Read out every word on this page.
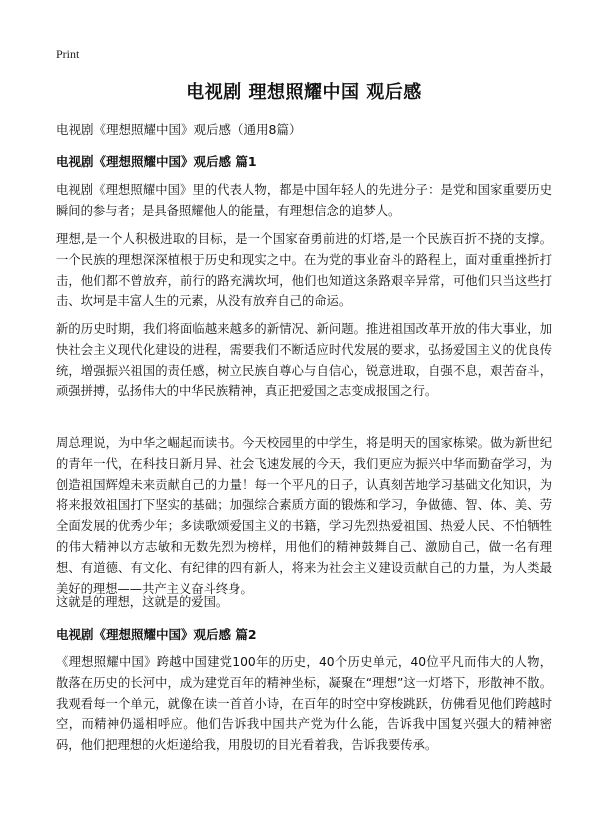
Print
电视剧 理想照耀中国 观后感
电视剧《理想照耀中国》观后感（通用8篇）
电视剧《理想照耀中国》观后感 篇1

电视剧《理想照耀中国》里的代表人物，都是中国年轻人的先进分子：是党和国家重要历史瞬间的参与者；是具备照耀他人的能量，有理想信念的追梦人。

理想,是一个人积极进取的目标，是一个国家奋勇前进的灯塔,是一个民族百折不挠的支撑。一个民族的理想深深植根于历史和现实之中。在为党的事业奋斗的路程上，面对重重挫折打击，他们都不曾放弃，前行的路充满坎坷，他们也知道这条路艰辛异常，可他们只当这些打击、坎坷是丰富人生的元素，从没有放弃自己的命运。

新的历史时期，我们将面临越来越多的新情况、新问题。推进祖国改革开放的伟大事业，加快社会主义现代化建设的进程，需要我们不断适应时代发展的要求，弘扬爱国主义的优良传统，增强振兴祖国的责任感，树立民族自尊心与自信心，锐意进取，自强不息，艰苦奋斗，顽强拼搏，弘扬伟大的中华民族精神，真正把爱国之志变成报国之行。

周总理说，为中华之崛起而读书。今天校园里的中学生，将是明天的国家栋梁。做为新世纪的青年一代，在科技日新月异、社会飞速发展的今天，我们更应为振兴中华而勤奋学习，为创造祖国辉煌未来贡献自己的力量！每一个平凡的日子，认真刻苦地学习基础文化知识，为将来报效祖国打下坚实的基础；加强综合素质方面的锻炼和学习，争做德、智、体、美、劳全面发展的优秀少年；多读歌颂爱国主义的书籍，学习先烈热爱祖国、热爱人民、不怕牺牲的伟大精神以方志敏和无数先烈为榜样，用他们的精神鼓舞自己、激励自己，做一名有理想、有道德、有文化、有纪律的四有新人，将来为社会主义建设贡献自己的力量，为人类最美好的理想——共产主义奋斗终身。

这就是的理想，这就是的爱国。

电视剧《理想照耀中国》观后感 篇2

《理想照耀中国》跨越中国建党100年的历史，40个历史单元，40位平凡而伟大的人物，散落在历史的长河中，成为建党百年的精神坐标，凝聚在“理想”这一灯塔下，形散神不散。我观看每一个单元，就像在读一首首小诗，在百年的时空中穿梭跳跃，仿佛看见他们跨越时空，而精神仍遥相呼应。他们告诉我中国共产党为什么能，告诉我中国复兴强大的精神密码，他们把理想的火炬递给我，用殷切的目光看着我，告诉我要传承。
